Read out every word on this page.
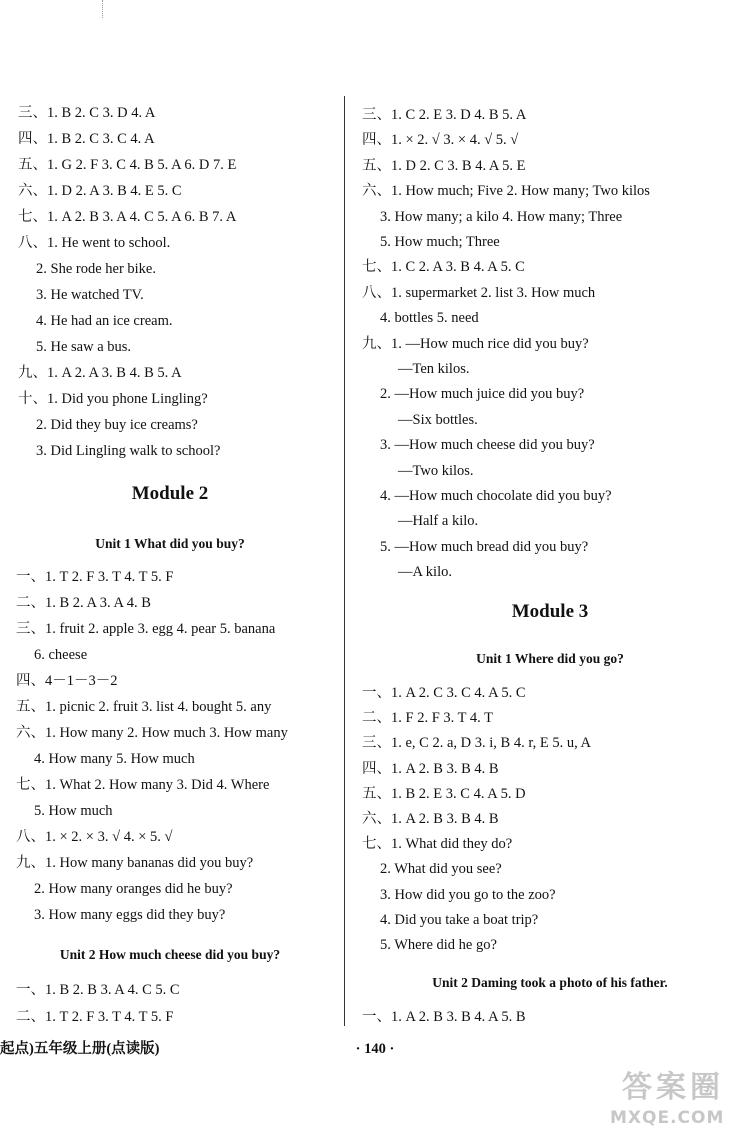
三、1. B 2. C 3. D 4. A
四、1. B 2. C 3. C 4. A
五、1. G 2. F 3. C 4. B 5. A 6. D 7. E
六、1. D 2. A 3. B 4. E 5. C
七、1. A 2. B 3. A 4. C 5. A 6. B 7. A
八、1. He went to school.
2. She rode her bike.
3. He watched TV.
4. He had an ice cream.
5. He saw a bus.
九、1. A 2. A 3. B 4. B 5. A
十、1. Did you phone Lingling?
2. Did they buy ice creams?
3. Did Lingling walk to school?
Module 2
Unit 1 What did you buy?
一、1. T 2. F 3. T 4. T 5. F
二、1. B 2. A 3. A 4. B
三、1. fruit 2. apple 3. egg 4. pear 5. banana
6. cheese
四、4－1－3－2
五、1. picnic 2. fruit 3. list 4. bought 5. any
六、1. How many 2. How much 3. How many
4. How many 5. How much
七、1. What 2. How many 3. Did 4. Where
5. How much
八、1. × 2. × 3. √ 4. × 5. √
九、1. How many bananas did you buy?
2. How many oranges did he buy?
3. How many eggs did they buy?
Unit 2 How much cheese did you buy?
一、1. B 2. B 3. A 4. C 5. C
二、1. T 2. F 3. T 4. T 5. F
三、1. C 2. E 3. D 4. B 5. A
四、1. × 2. √ 3. × 4. √ 5. √
五、1. D 2. C 3. B 4. A 5. E
六、1. How much; Five 2. How many; Two kilos
3. How many; a kilo 4. How many; Three
5. How much; Three
七、1. C 2. A 3. B 4. A 5. C
八、1. supermarket 2. list 3. How much
4. bottles 5. need
九、1. —How much rice did you buy?
—Ten kilos.
2. —How much juice did you buy?
—Six bottles.
3. —How much cheese did you buy?
—Two kilos.
4. —How much chocolate did you buy?
—Half a kilo.
5. —How much bread did you buy?
—A kilo.
Module 3
Unit 1 Where did you go?
一、1. A 2. C 3. C 4. A 5. C
二、1. F 2. F 3. T 4. T
三、1. e, C 2. a, D 3. i, B 4. r, E 5. u, A
四、1. A 2. B 3. B 4. B
五、1. B 2. E 3. C 4. A 5. D
六、1. A 2. B 3. B 4. B
七、1. What did they do?
2. What did you see?
3. How did you go to the zoo?
4. Did you take a boat trip?
5. Where did he go?
Unit 2 Daming took a photo of his father.
一、1. A 2. B 3. B 4. A 5. B
起点)五年级上册(点读版)	· 140 ·
答案圈
MXQE.COM
